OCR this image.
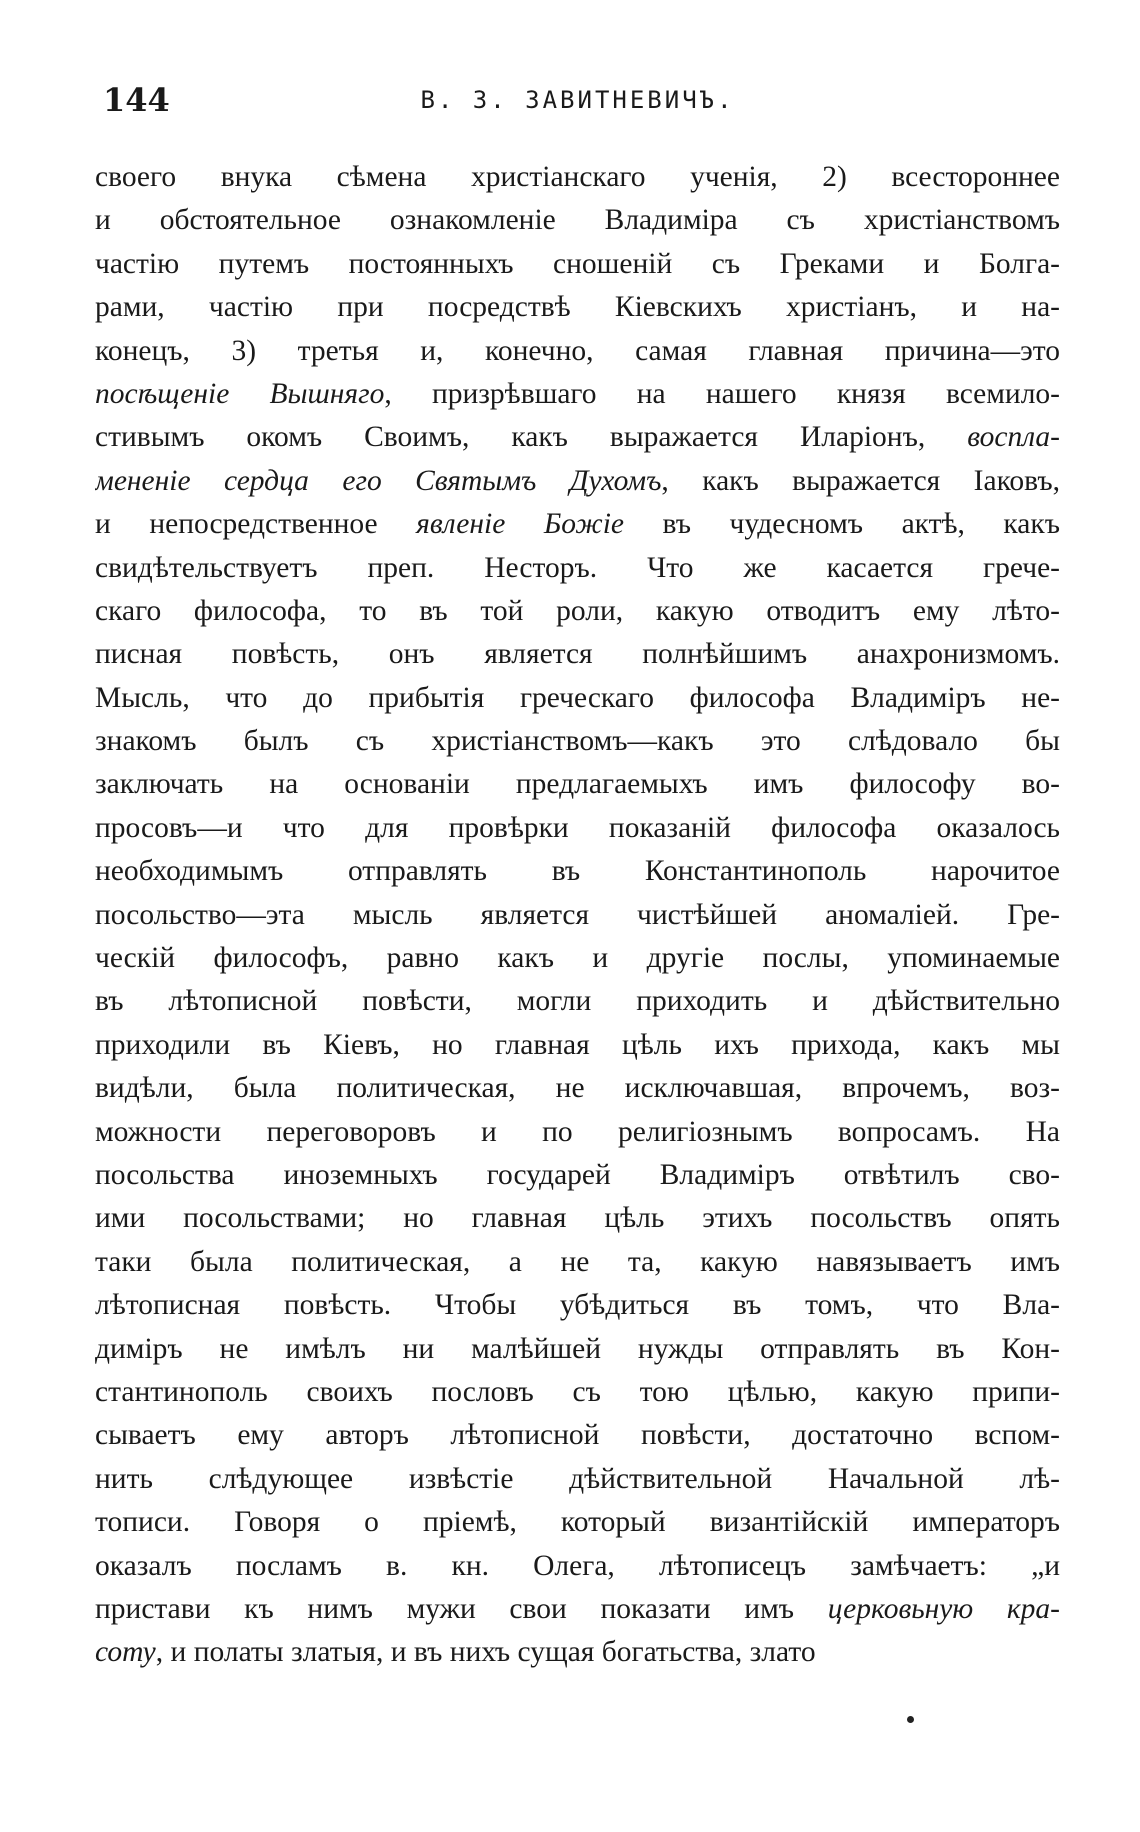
144	В. З. ЗАВИТНЕВИЧЪ.
своего внука сѣмена христіанскаго ученія, 2) всестороннее
и обстоятельное ознакомленіе Владиміра съ христіанствомъ
частію путемъ постоянныхъ сношеній съ Греками и Болга-
рами, частію при посредствѣ Кіевскихъ христіанъ, и на-
конецъ, 3) третья и, конечно, самая главная причина—это
посѣщеніе Вышняго, призрѣвшаго на нашего князя всемило-
стивымъ окомъ Своимъ, какъ выражается Иларіонъ, воспла-
мененіе сердца его Святымъ Духомъ, какъ выражается Іаковъ,
и непосредственное явленіе Божіе въ чудесномъ актѣ, какъ
свидѣтельствуетъ преп. Несторъ. Что же касается грече-
скаго философа, то въ той роли, какую отводитъ ему лѣто-
писная повѣсть, онъ является полнѣйшимъ анахронизмомъ.
Мысль, что до прибытія греческаго философа Владиміръ не-
знакомъ былъ съ христіанствомъ—какъ это слѣдовало бы
заключать на основаніи предлагаемыхъ имъ философу во-
просовъ—и что для провѣрки показаній философа оказалось
необходимымъ отправлять въ Константинополь нарочитое
посольство—эта мысль является чистѣйшей аномаліей. Гре-
ческій философъ, равно какъ и другіе послы, упоминаемые
въ лѣтописной повѣсти, могли приходить и дѣйствительно
приходили въ Кіевъ, но главная цѣль ихъ прихода, какъ мы
видѣли, была политическая, не исключавшая, впрочемъ, воз-
можности переговоровъ и по религіознымъ вопросамъ. На
посольства иноземныхъ государей Владиміръ отвѣтилъ сво-
ими посольствами; но главная цѣль этихъ посольствъ опять
таки была политическая, а не та, какую навязываетъ имъ
лѣтописная повѣсть. Чтобы убѣдиться въ томъ, что Вла-
диміръ не имѣлъ ни малѣйшей нужды отправлять въ Кон-
стантинополь своихъ пословъ съ тою цѣлью, какую припи-
сываетъ ему авторъ лѣтописной повѣсти, достаточно вспом-
нить слѣдующее извѣстіе дѣйствительной Начальной лѣ-
тописи. Говоря о пріемѣ, который византійскій императоръ
оказалъ посламъ в. кн. Олега, лѣтописецъ замѣчаетъ: „и
пристави къ нимъ мужи свои показати имъ церковьную кра-
соту, и полаты златыя, и въ нихъ сущая богатьства, злато
